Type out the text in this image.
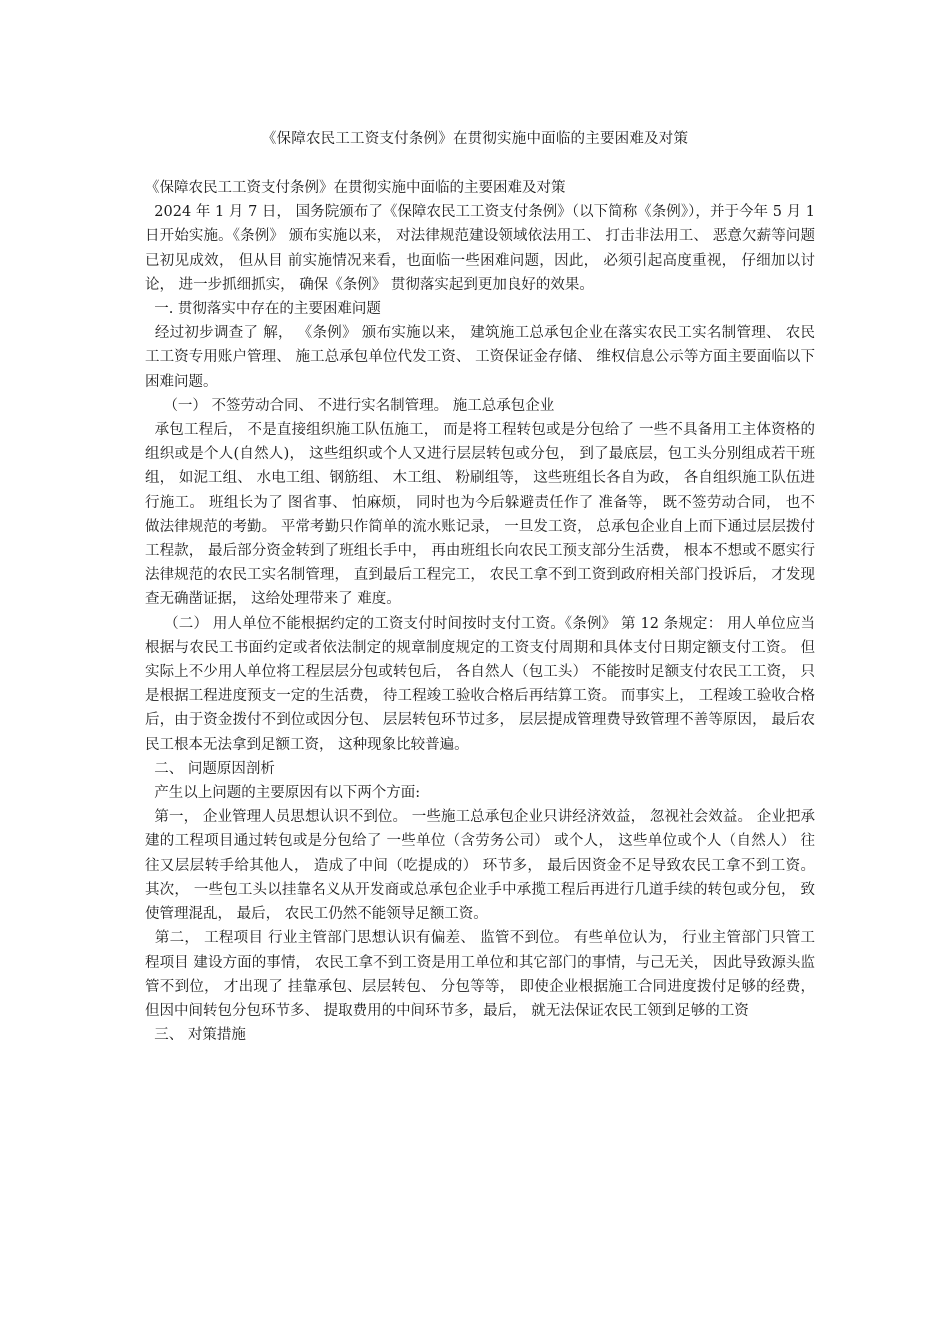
《保障农民工工资支付条例》在贯彻实施中面临的主要困难及对策

《保障农民工工资支付条例》在贯彻实施中面临的主要困难及对策

2024 年 1 月 7 日， 国务院颁布了《保障农民工工资支付条例》（以下简称《条例》），并于今年 5 月 1 日开始实施。《条例》 颁布实施以来， 对法律规范建设领域依法用工、 打击非法用工、 恶意欠薪等问题已初见成效， 但从目 前实施情况来看，也面临一些困难问题，因此， 必须引起高度重视， 仔细加以讨论， 进一步抓细抓实， 确保《条例》 贯彻落实起到更加良好的效果。

一. 贯彻落实中存在的主要困难问题

经过初步调查了 解， 《条例》 颁布实施以来， 建筑施工总承包企业在落实农民工实名制管理、 农民工工资专用账户管理、 施工总承包单位代发工资、 工资保证金存储、 维权信息公示等方面主要面临以下困难问题。

（一） 不签劳动合同、 不进行实名制管理。 施工总承包企业

承包工程后， 不是直接组织施工队伍施工， 而是将工程转包或是分包给了 一些不具备用工主体资格的组织或是个人(自然人)， 这些组织或个人又进行层层转包或分包， 到了最底层，包工头分别组成若干班组， 如泥工组、 水电工组、钢筋组、 木工组、 粉刷组等， 这些班组长各自为政， 各自组织施工队伍进行施工。 班组长为了 图省事、 怕麻烦， 同时也为今后躲避责任作了 准备等， 既不签劳动合同， 也不做法律规范的考勤。 平常考勤只作简单的流水账记录， 一旦发工资， 总承包企业自上而下通过层层拨付工程款， 最后部分资金转到了班组长手中， 再由班组长向农民工预支部分生活费， 根本不想或不愿实行法律规范的农民工实名制管理， 直到最后工程完工， 农民工拿不到工资到政府相关部门投诉后， 才发现查无确凿证据， 这给处理带来了 难度。

（二） 用人单位不能根据约定的工资支付时间按时支付工资。《条例》 第 12 条规定： 用人单位应当根据与农民工书面约定或者依法制定的规章制度规定的工资支付周期和具体支付日期定额支付工资。 但实际上不少用人单位将工程层层分包或转包后， 各自然人（包工头） 不能按时足额支付农民工工资， 只是根据工程进度预支一定的生活费， 待工程竣工验收合格后再结算工资。 而事实上， 工程竣工验收合格后，由于资金拨付不到位或因分包、 层层转包环节过多， 层层提成管理费导致管理不善等原因， 最后农民工根本无法拿到足额工资， 这种现象比较普遍。

二、 问题原因剖析

产生以上问题的主要原因有以下两个方面:

第一， 企业管理人员思想认识不到位。 一些施工总承包企业只讲经济效益， 忽视社会效益。 企业把承建的工程项目通过转包或是分包给了 一些单位（含劳务公司） 或个人， 这些单位或个人（自然人） 往往又层层转手给其他人， 造成了中间（吃提成的） 环节多， 最后因资金不足导致农民工拿不到工资。 其次， 一些包工头以挂靠名义从开发商或总承包企业手中承揽工程后再进行几道手续的转包或分包， 致使管理混乱， 最后， 农民工仍然不能领导足额工资。

第二， 工程项目 行业主管部门思想认识有偏差、 监管不到位。 有些单位认为， 行业主管部门只管工程项目 建设方面的事情， 农民工拿不到工资是用工单位和其它部门的事情，与己无关， 因此导致源头监管不到位， 才出现了 挂靠承包、层层转包、 分包等等， 即使企业根据施工合同进度拨付足够的经费， 但因中间转包分包环节多、 提取费用的中间环节多，最后， 就无法保证农民工领到足够的工资

三、 对策措施
